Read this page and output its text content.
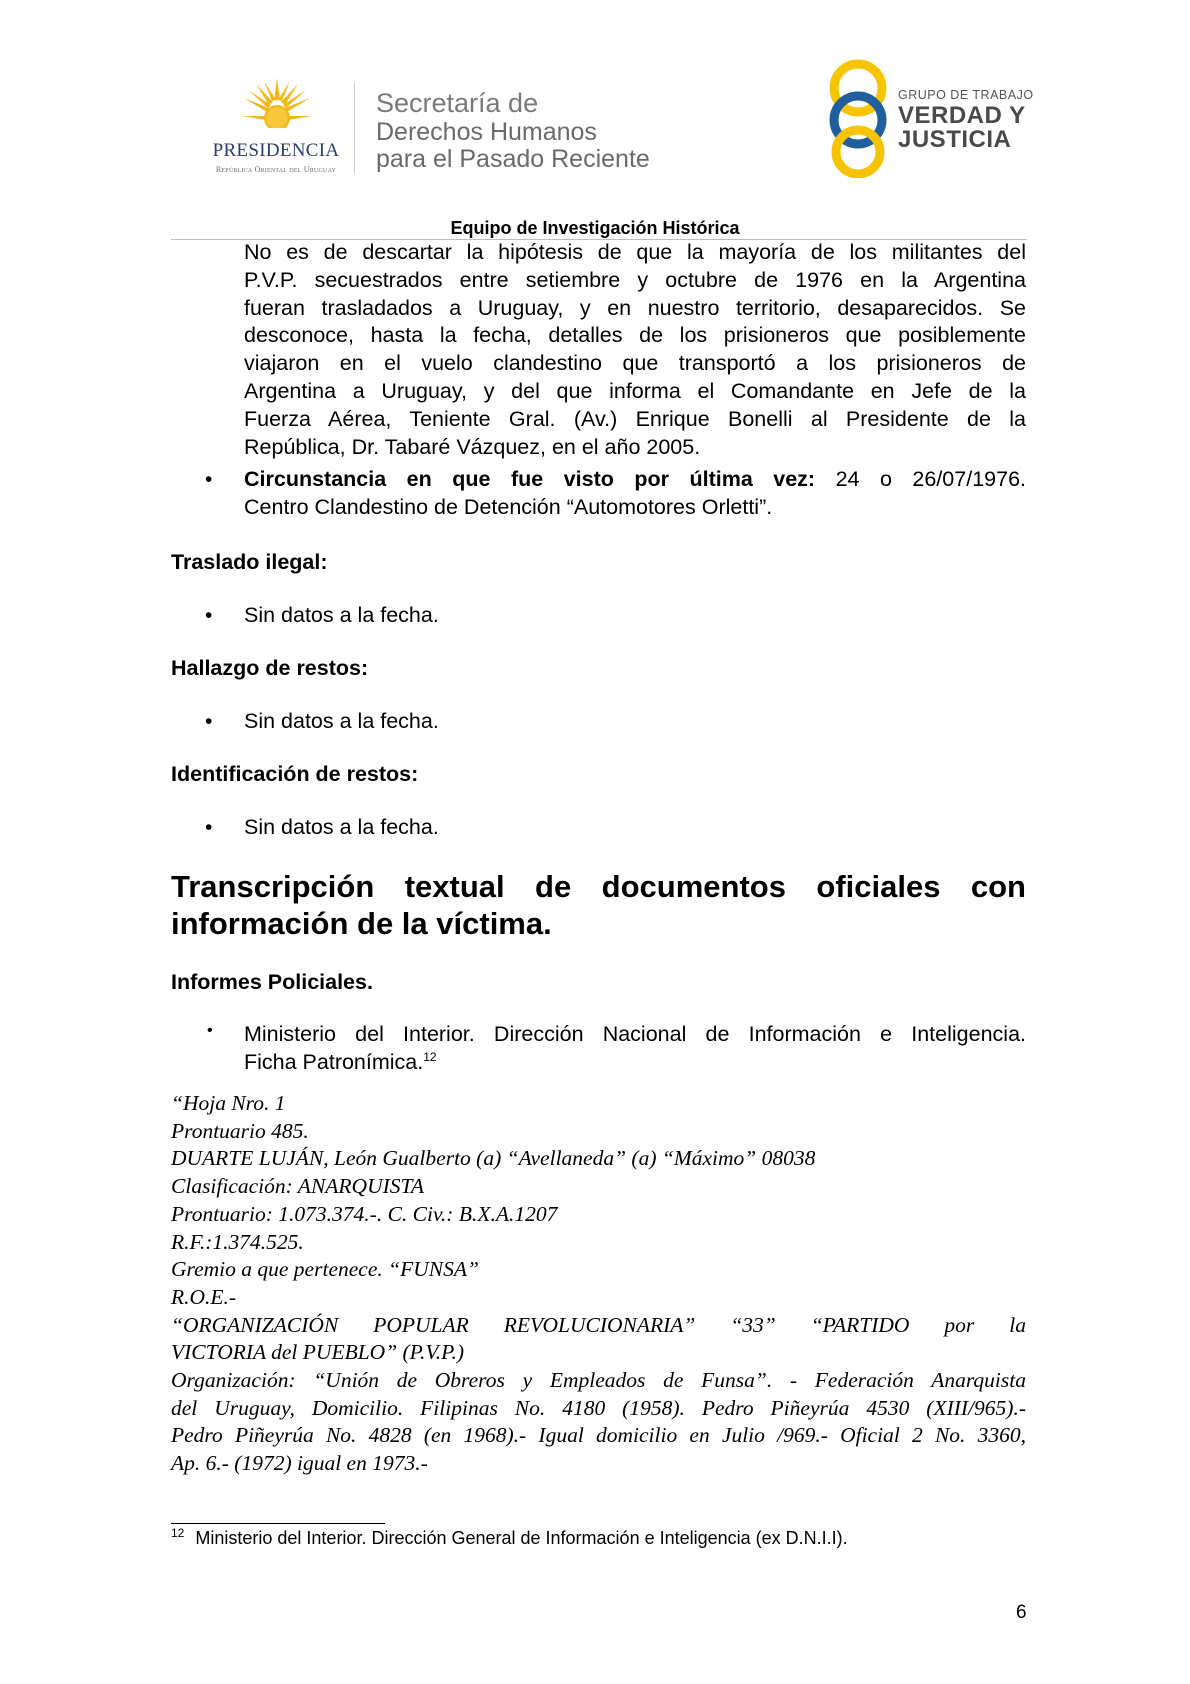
PRESIDENCIA
República Oriental del Uruguay
Secretaría de
Derechos Humanos
para el Pasado Reciente
GRUPO DE TRABAJO
VERDAD Y
JUSTICIA
Equipo de Investigación Histórica
No es de descartar la hipótesis de que la mayoría de los militantes del
P.V.P. secuestrados entre setiembre y octubre de 1976 en la Argentina
fueran trasladados a Uruguay, y en nuestro territorio, desaparecidos. Se
desconoce, hasta la fecha, detalles de los prisioneros que posiblemente
viajaron en el vuelo clandestino que transportó a los prisioneros de
Argentina a Uruguay, y del que informa el Comandante en Jefe de la
Fuerza Aérea, Teniente Gral. (Av.) Enrique Bonelli al Presidente de la
República, Dr. Tabaré Vázquez, en el año 2005.
• Circunstancia en que fue visto por última vez: 24 o 26/07/1976.
Centro Clandestino de Detención “Automotores Orletti”.
Traslado ilegal:
• Sin datos a la fecha.
Hallazgo de restos:
• Sin datos a la fecha.
Identificación de restos:
• Sin datos a la fecha.
Transcripción textual de documentos oficiales con
información de la víctima.
Informes Policiales.
• Ministerio del Interior. Dirección Nacional de Información e Inteligencia.
Ficha Patronímica.$^{12}$
“Hoja Nro. 1
Prontuario 485.
DUARTE LUJÁN, León Gualberto (a) “Avellaneda” (a) “Máximo” 08038
Clasificación: ANARQUISTA
Prontuario: 1.073.374.-. C. Civ.: B.X.A.1207
R.F.:1.374.525.
Gremio a que pertenece. “FUNSA”
R.O.E.-
“ORGANIZACIÓN POPULAR REVOLUCIONARIA” “33” “PARTIDO por la
VICTORIA del PUEBLO” (P.V.P.)
Organización: “Unión de Obreros y Empleados de Funsa”. - Federación Anarquista
del Uruguay, Domicilio. Filipinas No. 4180 (1958). Pedro Piñeyrúa 4530 (XIII/965).-
Pedro Piñeyrúa No. 4828 (en 1968).- Igual domicilio en Julio /969.- Oficial 2 No. 3360,
Ap. 6.- (1972) igual en 1973.-
$^{12}$ Ministerio del Interior. Dirección General de Información e Inteligencia (ex D.N.I.I).
6
